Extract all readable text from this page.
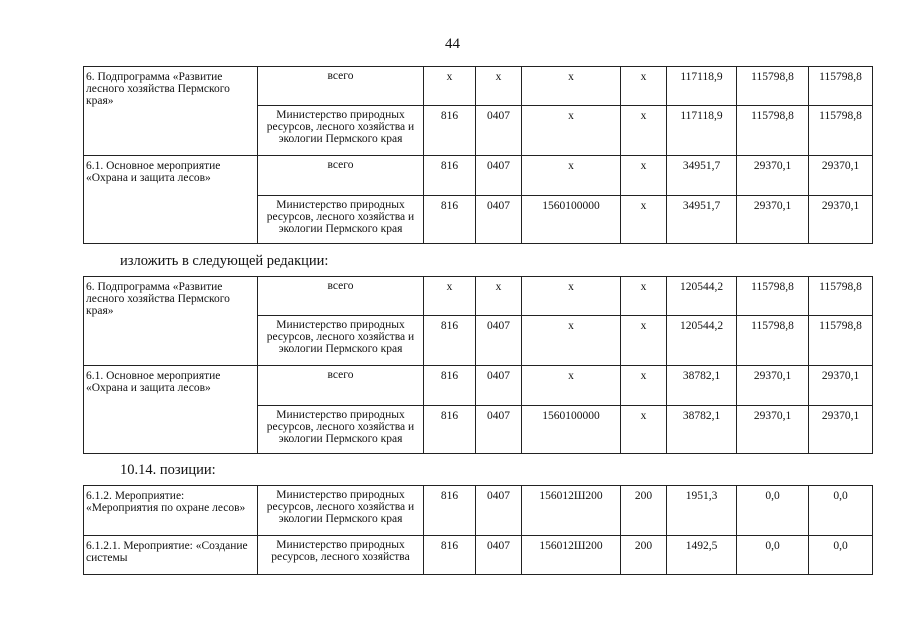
44
6. Подпрограмма «Развитие лесного хозяйства Пермского края»	всего	х	х	х	х	117118,9	115798,8	115798,8
	Министерство природных ресурсов, лесного хозяйства и экологии Пермского края	816	0407	х	х	117118,9	115798,8	115798,8
6.1. Основное мероприятие «Охрана и защита лесов»	всего	816	0407	х	х	34951,7	29370,1	29370,1
	Министерство природных ресурсов, лесного хозяйства и экологии Пермского края	816	0407	1560100000	х	34951,7	29370,1	29370,1
изложить в следующей редакции:
6. Подпрограмма «Развитие лесного хозяйства Пермского края»	всего	х	х	х	х	120544,2	115798,8	115798,8
	Министерство природных ресурсов, лесного хозяйства и экологии Пермского края	816	0407	х	х	120544,2	115798,8	115798,8
6.1. Основное мероприятие «Охрана и защита лесов»	всего	816	0407	х	х	38782,1	29370,1	29370,1
	Министерство природных ресурсов, лесного хозяйства и экологии Пермского края	816	0407	1560100000	х	38782,1	29370,1	29370,1
10.14. позиции:
6.1.2. Мероприятие: «Мероприятия по охране лесов»	Министерство природных ресурсов, лесного хозяйства и экологии Пермского края	816	0407	156012Ш200	200	1951,3	0,0	0,0
6.1.2.1. Мероприятие: «Создание системы	Министерство природных ресурсов, лесного хозяйства	816	0407	156012Ш200	200	1492,5	0,0	0,0
